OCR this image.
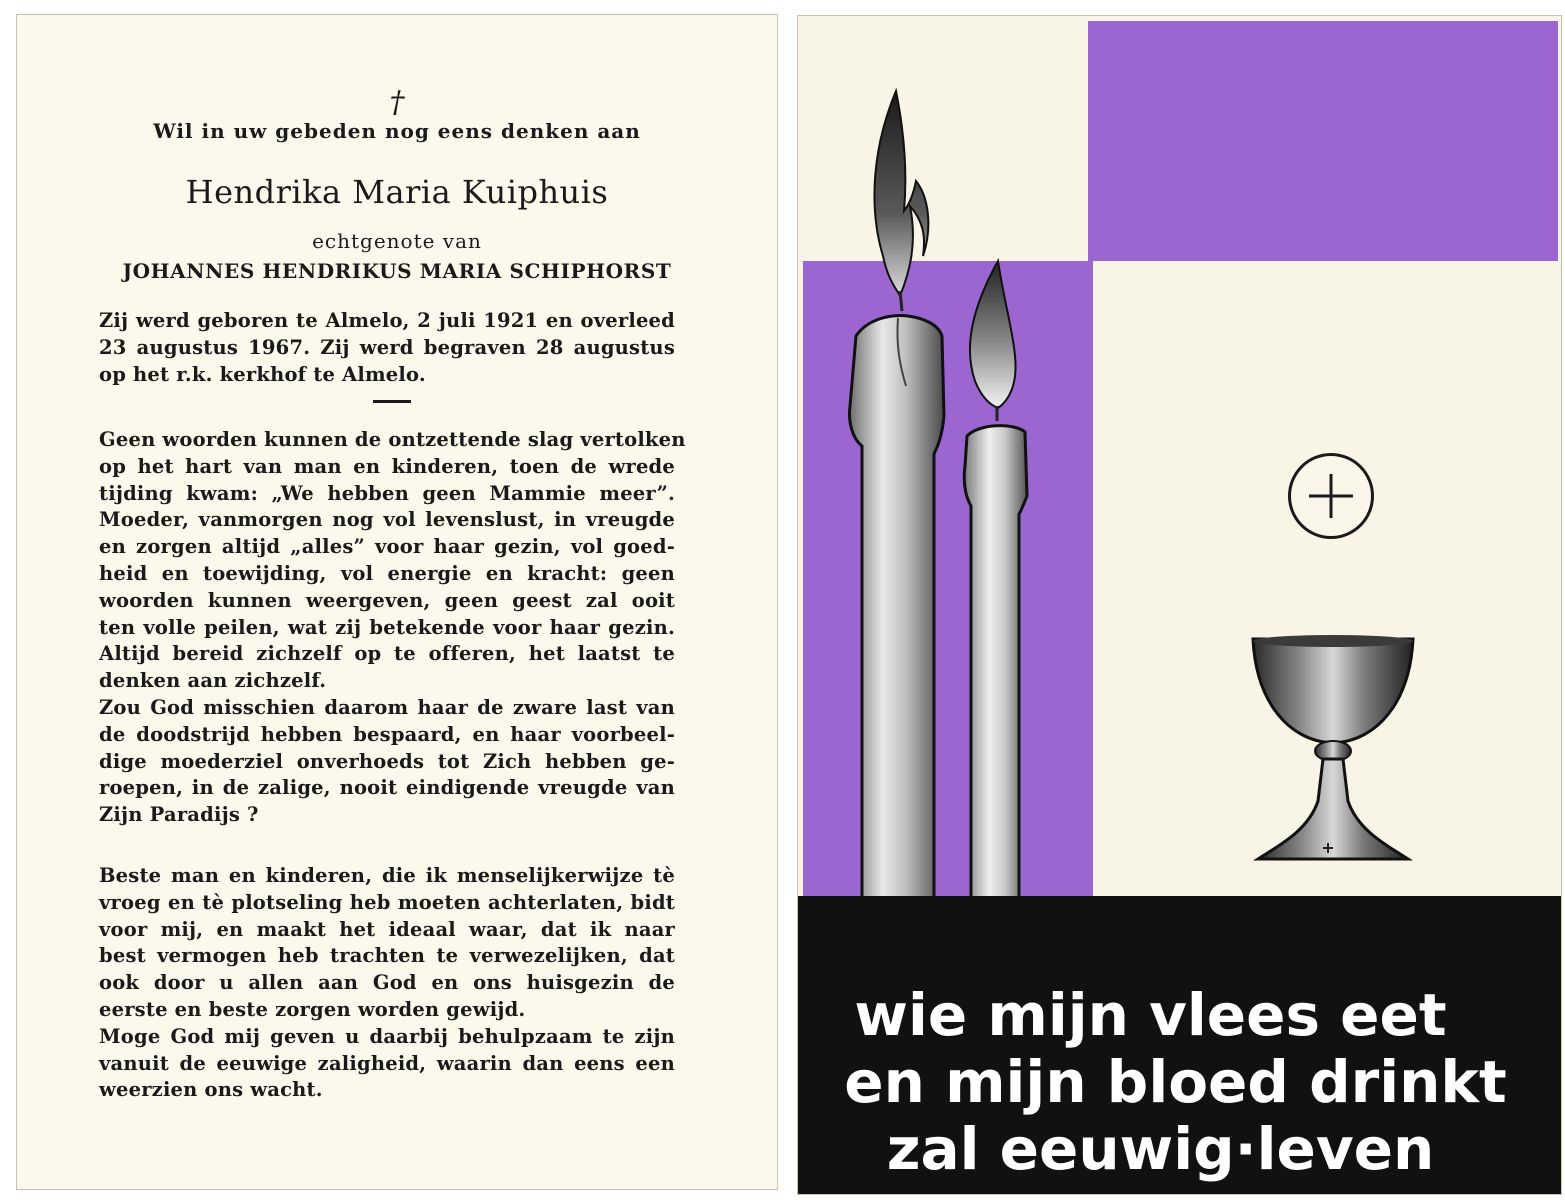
†
Wil in uw gebeden nog eens denken aan
Hendrika Maria Kuiphuis
echtgenote van
JOHANNES HENDRIKUS MARIA SCHIPHORST
Zij werd geboren te Almelo, 2 juli 1921 en overleed
23 augustus 1967. Zij werd begraven 28 augustus
op het r.k. kerkhof te Almelo.
Geen woorden kunnen de ontzettende slag vertolken
op het hart van man en kinderen, toen de wrede
tijding kwam: „We hebben geen Mammie meer”.
Moeder, vanmorgen nog vol levenslust, in vreugde
en zorgen altijd „alles” voor haar gezin, vol goed-
heid en toewijding, vol energie en kracht: geen
woorden kunnen weergeven, geen geest zal ooit
ten volle peilen, wat zij betekende voor haar gezin.
Altijd bereid zichzelf op te offeren, het laatst te
denken aan zichzelf.
Zou God misschien daarom haar de zware last van
de doodstrijd hebben bespaard, en haar voorbeel-
dige moederziel onverhoeds tot Zich hebben ge-
roepen, in de zalige, nooit eindigende vreugde van
Zijn Paradijs ?
Beste man en kinderen, die ik menselijkerwijze tè
vroeg en tè plotseling heb moeten achterlaten, bidt
voor mij, en maakt het ideaal waar, dat ik naar
best vermogen heb trachten te verwezelijken, dat
ook door u allen aan God en ons huisgezin de
eerste en beste zorgen worden gewijd.
Moge God mij geven u daarbij behulpzaam te zijn
vanuit de eeuwige zaligheid, waarin dan eens een
weerzien ons wacht.
wie mijn vlees eet
en mijn bloed drinkt
zal eeuwig·leven
